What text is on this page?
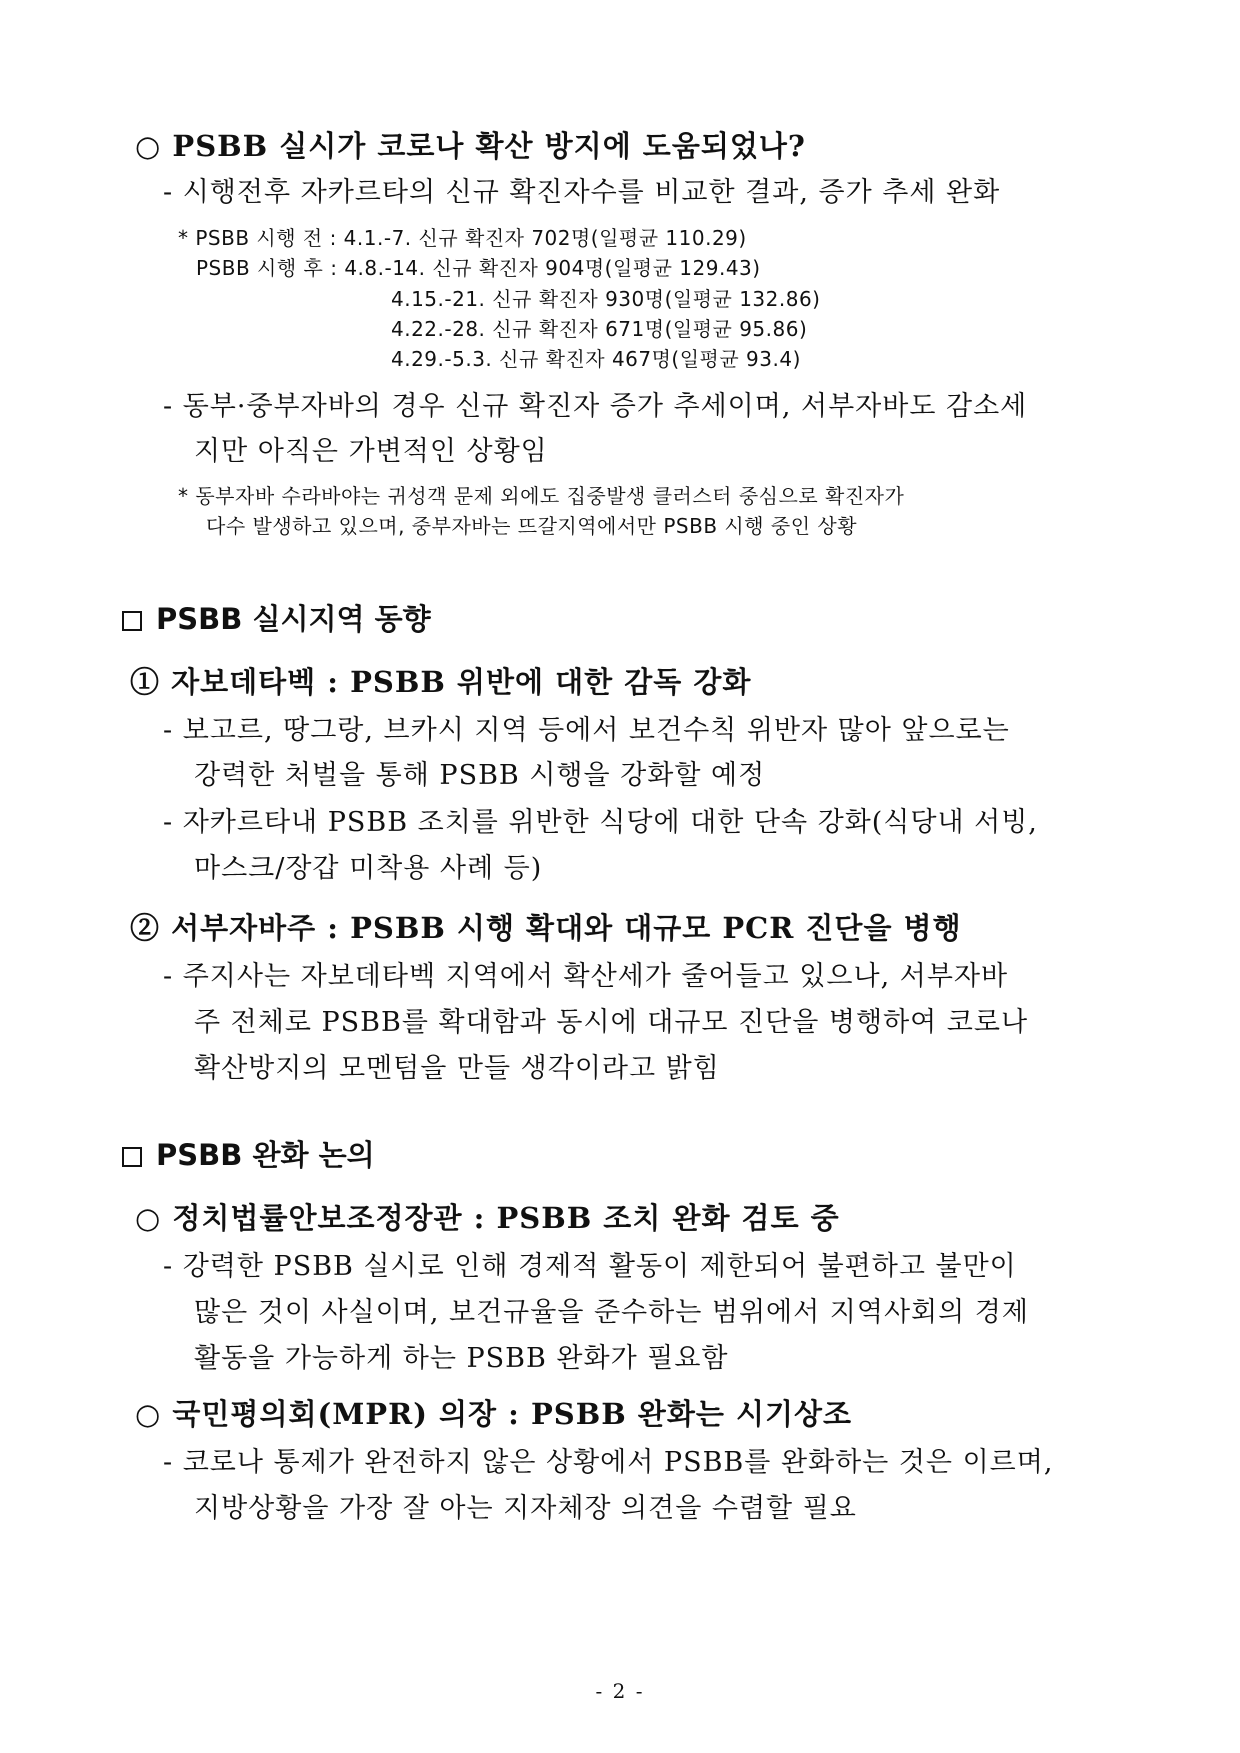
○ PSBB 실시가 코로나 확산 방지에 도움되었나?
- 시행전후 자카르타의 신규 확진자수를 비교한 결과, 증가 추세 완화
* PSBB 시행 전 : 4.1.-7. 신규 확진자 702명(일평균 110.29)
PSBB 시행 후 : 4.8.-14. 신규 확진자 904명(일평균 129.43)
4.15.-21. 신규 확진자 930명(일평균 132.86)
4.22.-28. 신규 확진자 671명(일평균 95.86)
4.29.-5.3. 신규 확진자 467명(일평균 93.4)
- 동부·중부자바의 경우 신규 확진자 증가 추세이며, 서부자바도 감소세
지만 아직은 가변적인 상황임
* 동부자바 수라바야는 귀성객 문제 외에도 집중발생 클러스터 중심으로 확진자가
다수 발생하고 있으며, 중부자바는 뜨갈지역에서만 PSBB 시행 중인 상황
PSBB 실시지역 동향
① 자보데타벡 : PSBB 위반에 대한 감독 강화
- 보고르, 땅그랑, 브카시 지역 등에서 보건수칙 위반자 많아 앞으로는
강력한 처벌을 통해 PSBB 시행을 강화할 예정
- 자카르타내 PSBB 조치를 위반한 식당에 대한 단속 강화(식당내 서빙,
마스크/장갑 미착용 사례 등)
② 서부자바주 : PSBB 시행 확대와 대규모 PCR 진단을 병행
- 주지사는 자보데타벡 지역에서 확산세가 줄어들고 있으나, 서부자바
주 전체로 PSBB를 확대함과 동시에 대규모 진단을 병행하여 코로나
확산방지의 모멘텀을 만들 생각이라고 밝힘
PSBB 완화 논의
○ 정치법률안보조정장관 : PSBB 조치 완화 검토 중
- 강력한 PSBB 실시로 인해 경제적 활동이 제한되어 불편하고 불만이
많은 것이 사실이며, 보건규율을 준수하는 범위에서 지역사회의 경제
활동을 가능하게 하는 PSBB 완화가 필요함
○ 국민평의회(MPR) 의장 : PSBB 완화는 시기상조
- 코로나 통제가 완전하지 않은 상황에서 PSBB를 완화하는 것은 이르며,
지방상황을 가장 잘 아는 지자체장 의견을 수렴할 필요
- 2 -
